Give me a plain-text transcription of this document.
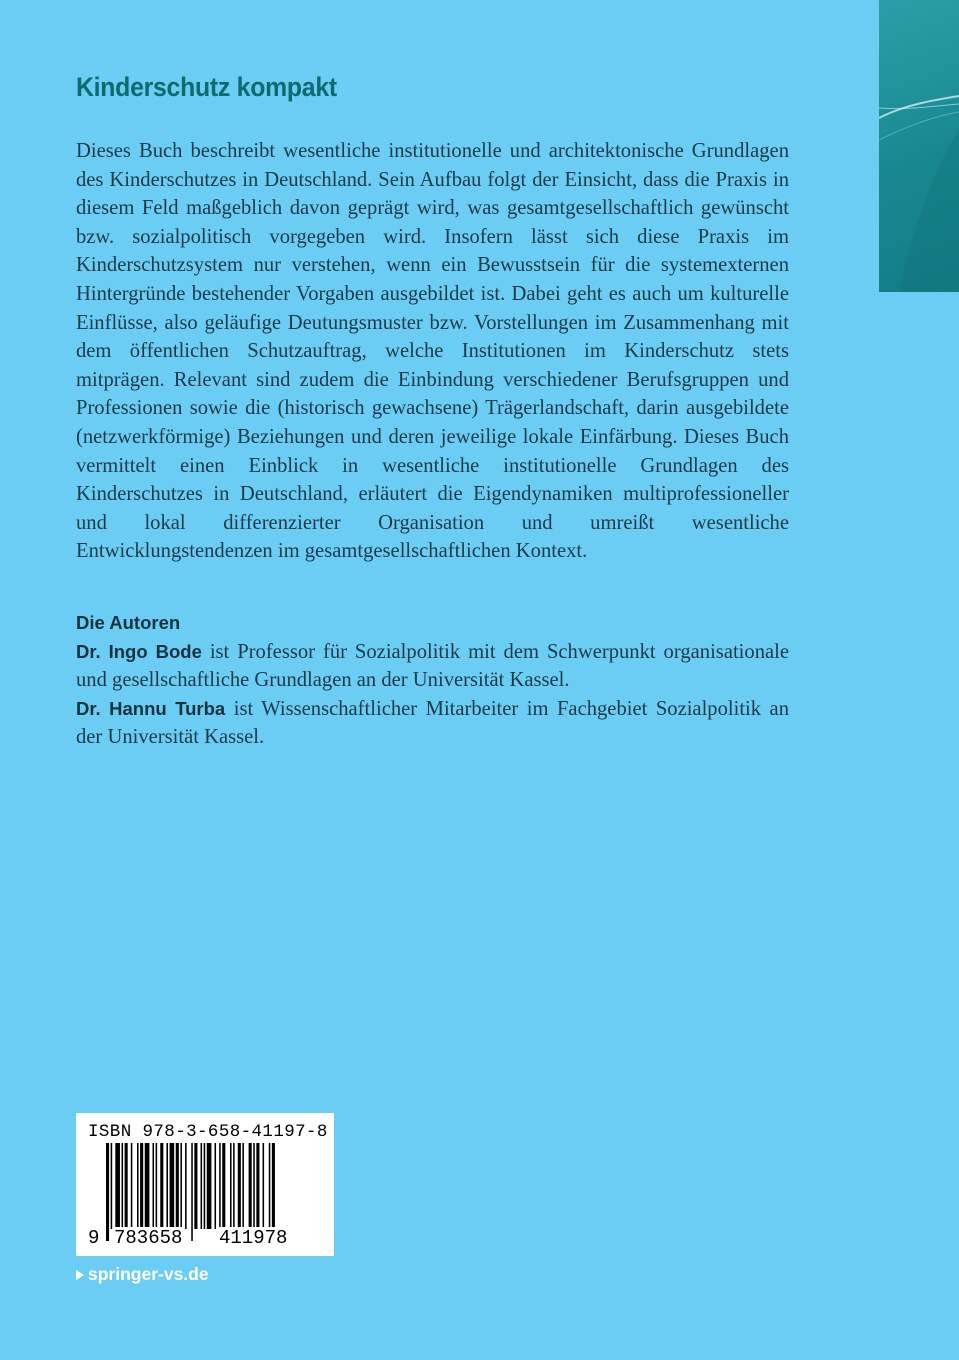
Kinderschutz kompakt

Dieses Buch beschreibt wesentliche institutionelle und architektonische Grundlagen des Kinderschutzes in Deutschland. Sein Aufbau folgt der Einsicht, dass die Praxis in diesem Feld maßgeblich davon geprägt wird, was gesamtgesellschaftlich gewünscht bzw. sozialpolitisch vorgegeben wird. Insofern lässt sich diese Praxis im Kinderschutzsystem nur verstehen, wenn ein Bewusstsein für die systemexternen Hintergründe bestehender Vorgaben ausgebildet ist. Dabei geht es auch um kulturelle Einflüsse, also geläufige Deutungsmuster bzw. Vorstellungen im Zusammenhang mit dem öffentlichen Schutzauftrag, welche Institutionen im Kinderschutz stets mitprägen. Relevant sind zudem die Einbindung verschiedener Berufsgruppen und Professionen sowie die (historisch gewachsene) Trägerlandschaft, darin ausgebildete (netzwerkförmige) Beziehungen und deren jeweilige lokale Einfärbung. Dieses Buch vermittelt einen Einblick in wesentliche institutionelle Grundlagen des Kinderschutzes in Deutschland, erläutert die Eigendynamiken multiprofessioneller und lokal differenzierter Organisation und umreißt wesentliche Entwicklungstendenzen im gesamtgesellschaftlichen Kontext.

Die Autoren

Dr. Ingo Bode ist Professor für Sozialpolitik mit dem Schwerpunkt organisationale und gesellschaftliche Grundlagen an der Universität Kassel.

Dr. Hannu Turba ist Wissenschaftlicher Mitarbeiter im Fachgebiet Sozialpolitik an der Universität Kassel.

ISBN 978-3-658-41197-8
9 783658 411978
springer-vs.de
